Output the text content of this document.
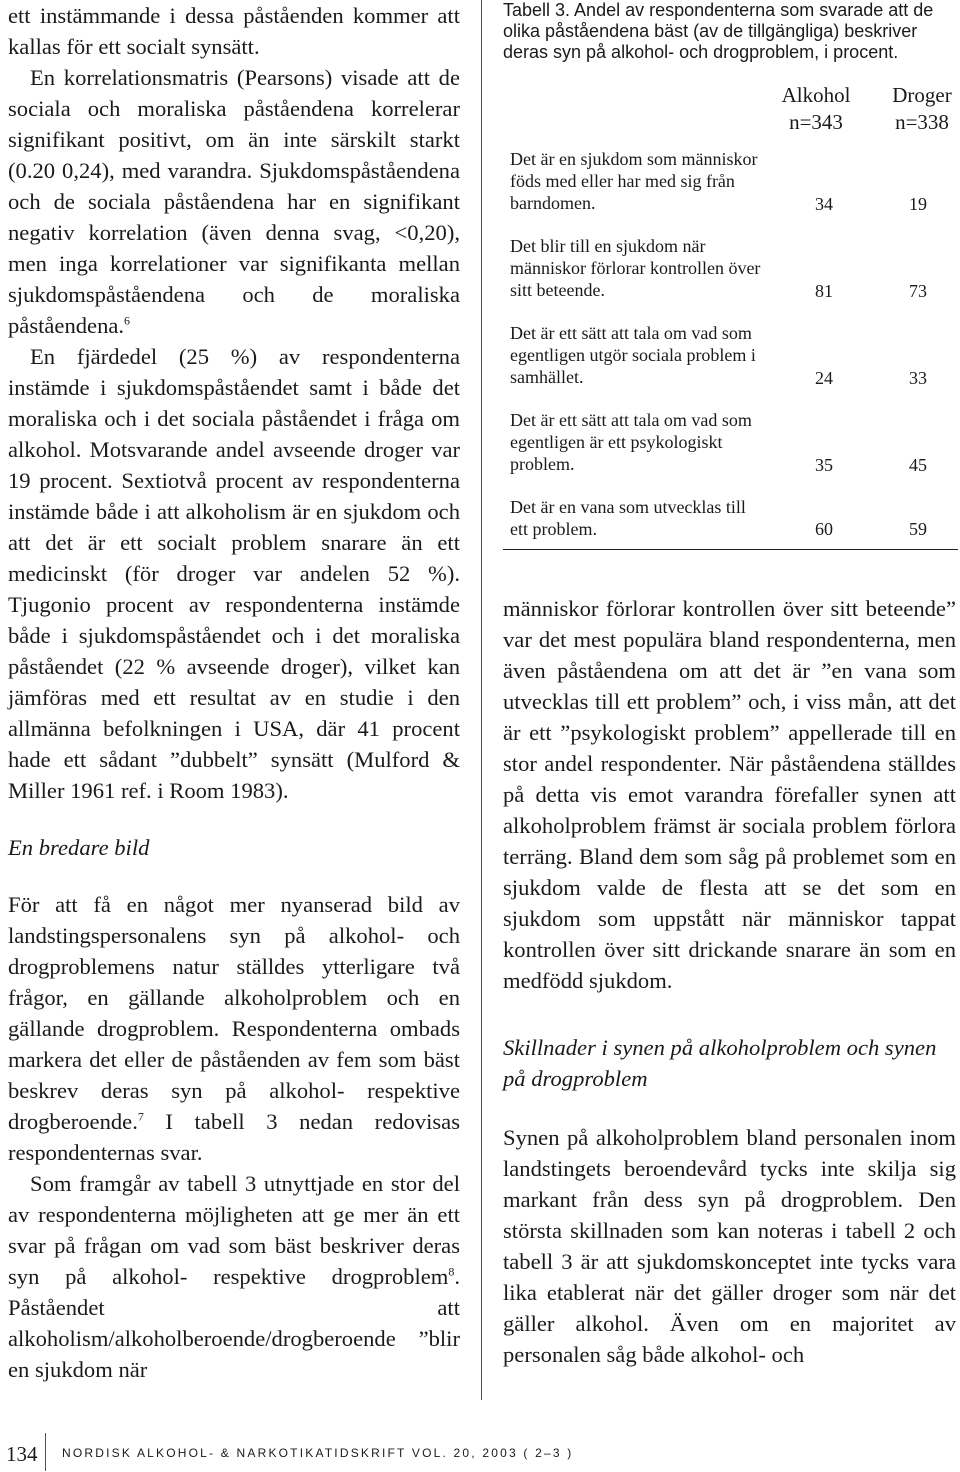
ett instämmande i dessa påståenden kommer att kallas för ett socialt synsätt.

En korrelationsmatris (Pearsons) visade att de sociala och moraliska påståendena korrelerar signifikant positivt, om än inte särskilt starkt (0.20 0,24), med varandra. Sjukdomspåståendena och de sociala påståendena har en signifikant negativ korrelation (även denna svag, <0,20), men inga korrelationer var signifikanta mellan sjukdomspåståendena och de moraliska påståendena.$^6$

En fjärdedel (25 %) av respondenterna instämde i sjukdomspåståendet samt i både det moraliska och i det sociala påståendet i fråga om alkohol. Motsvarande andel avseende droger var 19 procent. Sextiotvå procent av respondenterna instämde både i att alkoholism är en sjukdom och att det är ett socialt problem snarare än ett medicinskt (för droger var andelen 52 %). Tjugonio procent av respondenterna instämde både i sjukdomspåståendet och i det moraliska påståendet (22 % avseende droger), vilket kan jämföras med ett resultat av en studie i den allmänna befolkningen i USA, där 41 procent hade ett sådant ”dubbelt” synsätt (Mulford & Miller 1961 ref. i Room 1983).

En bredare bild

För att få en något mer nyanserad bild av landstingspersonalens syn på alkohol- och drogproblemens natur ställdes ytterligare två frågor, en gällande alkoholproblem och en gällande drogproblem. Respondenterna ombads markera det eller de påståenden av fem som bäst beskrev deras syn på alkohol- respektive drogberoende.$^7$ I tabell 3 nedan redovisas respondenternas svar.

Som framgår av tabell 3 utnyttjade en stor del av respondenterna möjligheten att ge mer än ett svar på frågan om vad som bäst beskriver deras syn på alkohol- respektive drogproblem$^8$. Påståendet att alkoholism/alkoholberoende/drogberoende ”blir en sjukdom när

Tabell 3. Andel av respondenterna som svarade att de olika påståendena bäst (av de tillgängliga) beskriver deras syn på alkohol- och drogproblem, i procent.

Alkohol
n=343
Droger
n=338
Det är en sjukdom som människor föds med eller har med sig från barndomen.	34	19
Det blir till en sjukdom när människor förlorar kontrollen över sitt beteende.	81	73
Det är ett sätt att tala om vad som egentligen utgör sociala problem i samhället.	24	33
Det är ett sätt att tala om vad som egentligen är ett psykologiskt problem.	35	45
Det är en vana som utvecklas till ett problem.	60	59

människor förlorar kontrollen över sitt beteende” var det mest populära bland respondenterna, men även påståendena om att det är ”en vana som utvecklas till ett problem” och, i viss mån, att det är ett ”psykologiskt problem” appellerade till en stor andel respondenter. När påståendena ställdes på detta vis emot varandra förefaller synen att alkoholproblem främst är sociala problem förlora terräng. Bland dem som såg på problemet som en sjukdom valde de flesta att se det som en sjukdom som uppstått när människor tappat kontrollen över sitt drickande snarare än som en medfödd sjukdom.

Skillnader i synen på alkoholproblem och synen på drogproblem

Synen på alkoholproblem bland personalen inom landstingets beroendevård tycks inte skilja sig markant från dess syn på drogproblem. Den största skillnaden som kan noteras i tabell 2 och tabell 3 är att sjukdomskonceptet inte tycks vara lika etablerat när det gäller droger som när det gäller alkohol. Även om en majoritet av personalen såg både alkohol- och

134 NORDISK ALKOHOL- & NARKOTIKATIDSKRIFT VOL. 20, 2003 ( 2–3 )
